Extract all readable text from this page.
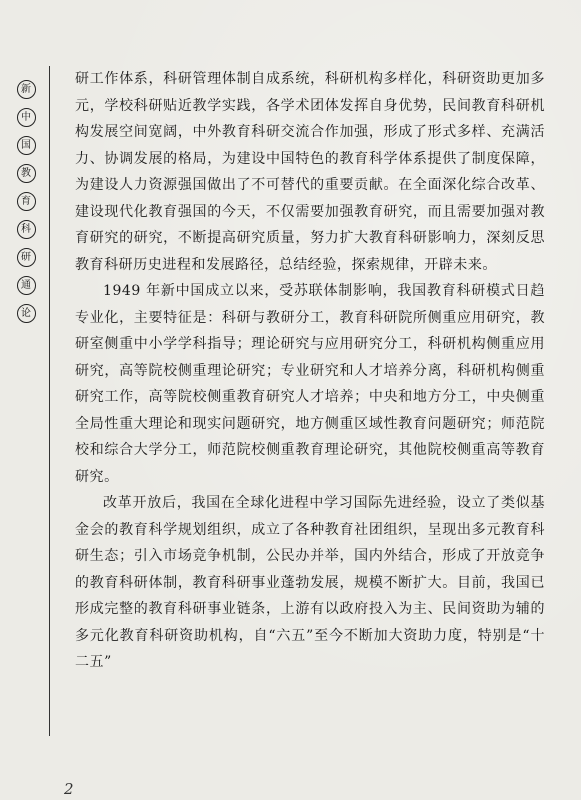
新
中
国
教
育
科
研
通
论

研工作体系，科研管理体制自成系统，科研机构多样化，科研资助更加多元，学校科研贴近教学实践，各学术团体发挥自身优势，民间教育科研机构发展空间宽阔，中外教育科研交流合作加强，形成了形式多样、充满活力、协调发展的格局，为建设中国特色的教育科学体系提供了制度保障，为建设人力资源强国做出了不可替代的重要贡献。在全面深化综合改革、建设现代化教育强国的今天，不仅需要加强教育研究，而且需要加强对教育研究的研究，不断提高研究质量，努力扩大教育科研影响力，深刻反思教育科研历史进程和发展路径，总结经验，探索规律，开辟未来。

1949 年新中国成立以来，受苏联体制影响，我国教育科研模式日趋专业化，主要特征是：科研与教研分工，教育科研院所侧重应用研究，教研室侧重中小学学科指导；理论研究与应用研究分工，科研机构侧重应用研究，高等院校侧重理论研究；专业研究和人才培养分离，科研机构侧重研究工作，高等院校侧重教育研究人才培养；中央和地方分工，中央侧重全局性重大理论和现实问题研究，地方侧重区域性教育问题研究；师范院校和综合大学分工，师范院校侧重教育理论研究，其他院校侧重高等教育研究。

改革开放后，我国在全球化进程中学习国际先进经验，设立了类似基金会的教育科学规划组织，成立了各种教育社团组织，呈现出多元教育科研生态；引入市场竞争机制，公民办并举，国内外结合，形成了开放竞争的教育科研体制，教育科研事业蓬勃发展，规模不断扩大。目前，我国已形成完整的教育科研事业链条，上游有以政府投入为主、民间资助为辅的多元化教育科研资助机构，自“六五”至今不断加大资助力度，特别是“十二五”

2
